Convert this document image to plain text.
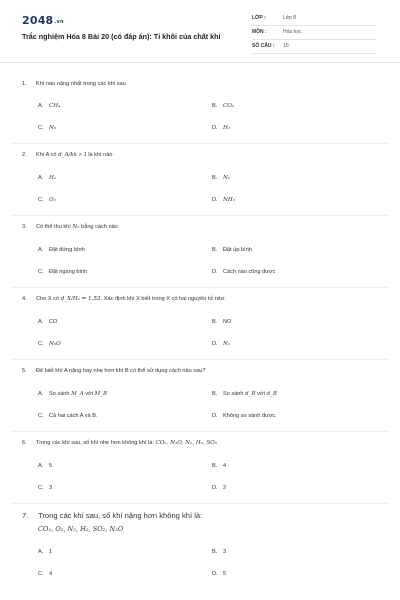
2048.vn
Trắc nghiệm Hóa 8 Bài 20 (có đáp án): Tỉ khối của chất khí
LỚP :	Lớp 8
MÔN :	Hóa học
SỐ CÂU : 10
1. Khí nào nặng nhất trong các khí sau
A. CH₄	B. CO₂
C. N₂	D. H₂
2. Khí A có d_A/kk > 1 là khí nào
A. H₂	B. N₂
C. O₂	D. NH₃
3. Có thể thu khí N₂ bằng cách nào
A. Đặt đứng bình	B. Đặt úp bình
C. Đặt ngang bình	D. Cách nào cũng được
4. Cho X có d_X/H₂ = 1,52. Xác định khí X biết trong X có hai nguyên tử nitơ.
A. CO	B. NO
C. N₂O	D. N₂
5. Để biết khí A nặng hay nhẹ hơn khí B có thể sử dụng cách nào sau?
A. So sánh M_A với M_B	B. So sánh d_B với d_B
C. Cả hai cách A và B.	D. Không so sánh được.
6. Trong các khí sau, số khí nhẹ hơn không khí là: CO₂, N₂O, N₂, H₂, SO₂
A. 5	B. 4
C. 3	D. 2
7. Trong các khí sau, số khí nặng hơn không khí là:
CO₂, O₂, N₂, H₂, SO₂, N₂O
A. 1	B. 3
C. 4	D. 5
